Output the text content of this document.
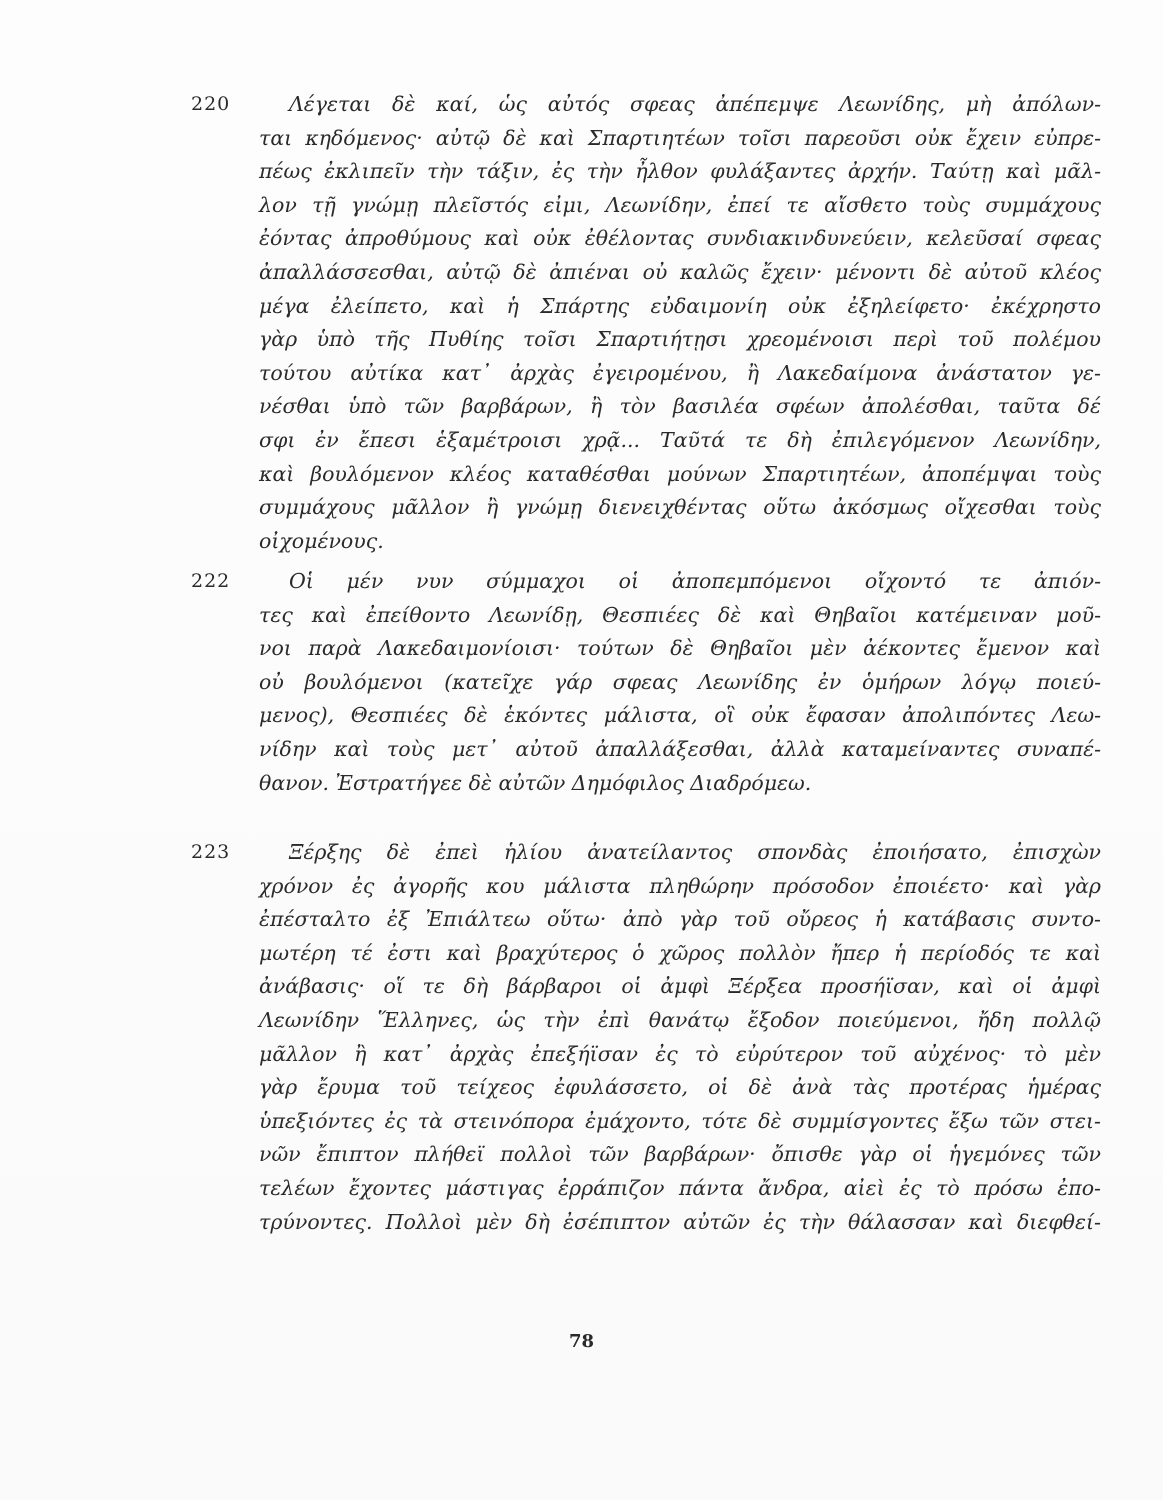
220	Λέγεται δὲ καί, ὡς αὐτός σφεας ἀπέπεμψε Λεωνίδης, μὴ ἀπόλων-
ται κηδόμενος· αὐτῷ δὲ καὶ Σπαρτιητέων τοῖσι παρεοῦσι οὐκ ἔχειν εὐπρε-
πέως ἐκλιπεῖν τὴν τάξιν, ἐς τὴν ἦλθον φυλάξαντες ἀρχήν. Ταύτῃ καὶ μᾶλ-
λον τῇ γνώμῃ πλεῖστός εἰμι, Λεωνίδην, ἐπεί τε αἴσθετο τοὺς συμμάχους
ἐόντας ἀπροθύμους καὶ οὐκ ἐθέλοντας συνδιακινδυνεύειν, κελεῦσαί σφεας
ἀπαλλάσσεσθαι, αὐτῷ δὲ ἀπιέναι οὐ καλῶς ἔχειν· μένοντι δὲ αὐτοῦ κλέος
μέγα ἐλείπετο, καὶ ἡ Σπάρτης εὐδαιμονίη οὐκ ἐξηλείφετο· ἐκέχρηστο
γὰρ ὑπὸ τῆς Πυθίης τοῖσι Σπαρτιήτῃσι χρεομένοισι περὶ τοῦ πολέμου
τούτου αὐτίκα κατ᾽ ἀρχὰς ἐγειρομένου, ἢ Λακεδαίμονα ἀνάστατον γε-
νέσθαι ὑπὸ τῶν βαρβάρων, ἢ τὸν βασιλέα σφέων ἀπολέσθαι, ταῦτα δέ
σφι ἐν ἔπεσι ἑξαμέτροισι χρᾷ... Ταῦτά τε δὴ ἐπιλεγόμενον Λεωνίδην,
καὶ βουλόμενον κλέος καταθέσθαι μούνων Σπαρτιητέων, ἀποπέμψαι τοὺς
συμμάχους μᾶλλον ἢ γνώμῃ διενειχθέντας οὕτω ἀκόσμως οἴχεσθαι τοὺς
οἰχομένους.
222	Οἱ μέν νυν σύμμαχοι οἱ ἀποπεμπόμενοι οἴχοντό τε ἀπιόν-
τες καὶ ἐπείθοντο Λεωνίδῃ, Θεσπιέες δὲ καὶ Θηβαῖοι κατέμειναν μοῦ-
νοι παρὰ Λακεδαιμονίοισι· τούτων δὲ Θηβαῖοι μὲν ἀέκοντες ἔμενον καὶ
οὐ βουλόμενοι (κατεῖχε γάρ σφεας Λεωνίδης ἐν ὁμήρων λόγῳ ποιεύ-
μενος), Θεσπιέες δὲ ἑκόντες μάλιστα, οἳ οὐκ ἔφασαν ἀπολιπόντες Λεω-
νίδην καὶ τοὺς μετ᾽ αὐτοῦ ἀπαλλάξεσθαι, ἀλλὰ καταμείναντες συναπέ-
θανον. Ἐστρατήγεε δὲ αὐτῶν Δημόφιλος Διαδρόμεω.
223	Ξέρξης δὲ ἐπεὶ ἡλίου ἀνατείλαντος σπονδὰς ἐποιήσατο, ἐπισχὼν
χρόνον ἐς ἀγορῆς κου μάλιστα πληθώρην πρόσοδον ἐποιέετο· καὶ γὰρ
ἐπέσταλτο ἐξ Ἐπιάλτεω οὕτω· ἀπὸ γὰρ τοῦ οὔρεος ἡ κατάβασις συντο-
μωτέρη τέ ἐστι καὶ βραχύτερος ὁ χῶρος πολλὸν ἤπερ ἡ περίοδός τε καὶ
ἀνάβασις· οἵ τε δὴ βάρβαροι οἱ ἀμφὶ Ξέρξεα προσήϊσαν, καὶ οἱ ἀμφὶ
Λεωνίδην Ἕλληνες, ὡς τὴν ἐπὶ θανάτῳ ἔξοδον ποιεύμενοι, ἤδη πολλῷ
μᾶλλον ἢ κατ᾽ ἀρχὰς ἐπεξήϊσαν ἐς τὸ εὐρύτερον τοῦ αὐχένος· τὸ μὲν
γὰρ ἔρυμα τοῦ τείχεος ἐφυλάσσετο, οἱ δὲ ἀνὰ τὰς προτέρας ἡμέρας
ὑπεξιόντες ἐς τὰ στεινόπορα ἐμάχοντο, τότε δὲ συμμίσγοντες ἔξω τῶν στει-
νῶν ἔπιπτον πλήθεϊ πολλοὶ τῶν βαρβάρων· ὄπισθε γὰρ οἱ ἡγεμόνες τῶν
τελέων ἔχοντες μάστιγας ἐρράπιζον πάντα ἄνδρα, αἰεὶ ἐς τὸ πρόσω ἐπο-
τρύνοντες. Πολλοὶ μὲν δὴ ἐσέπιπτον αὐτῶν ἐς τὴν θάλασσαν καὶ διεφθεί-
78
